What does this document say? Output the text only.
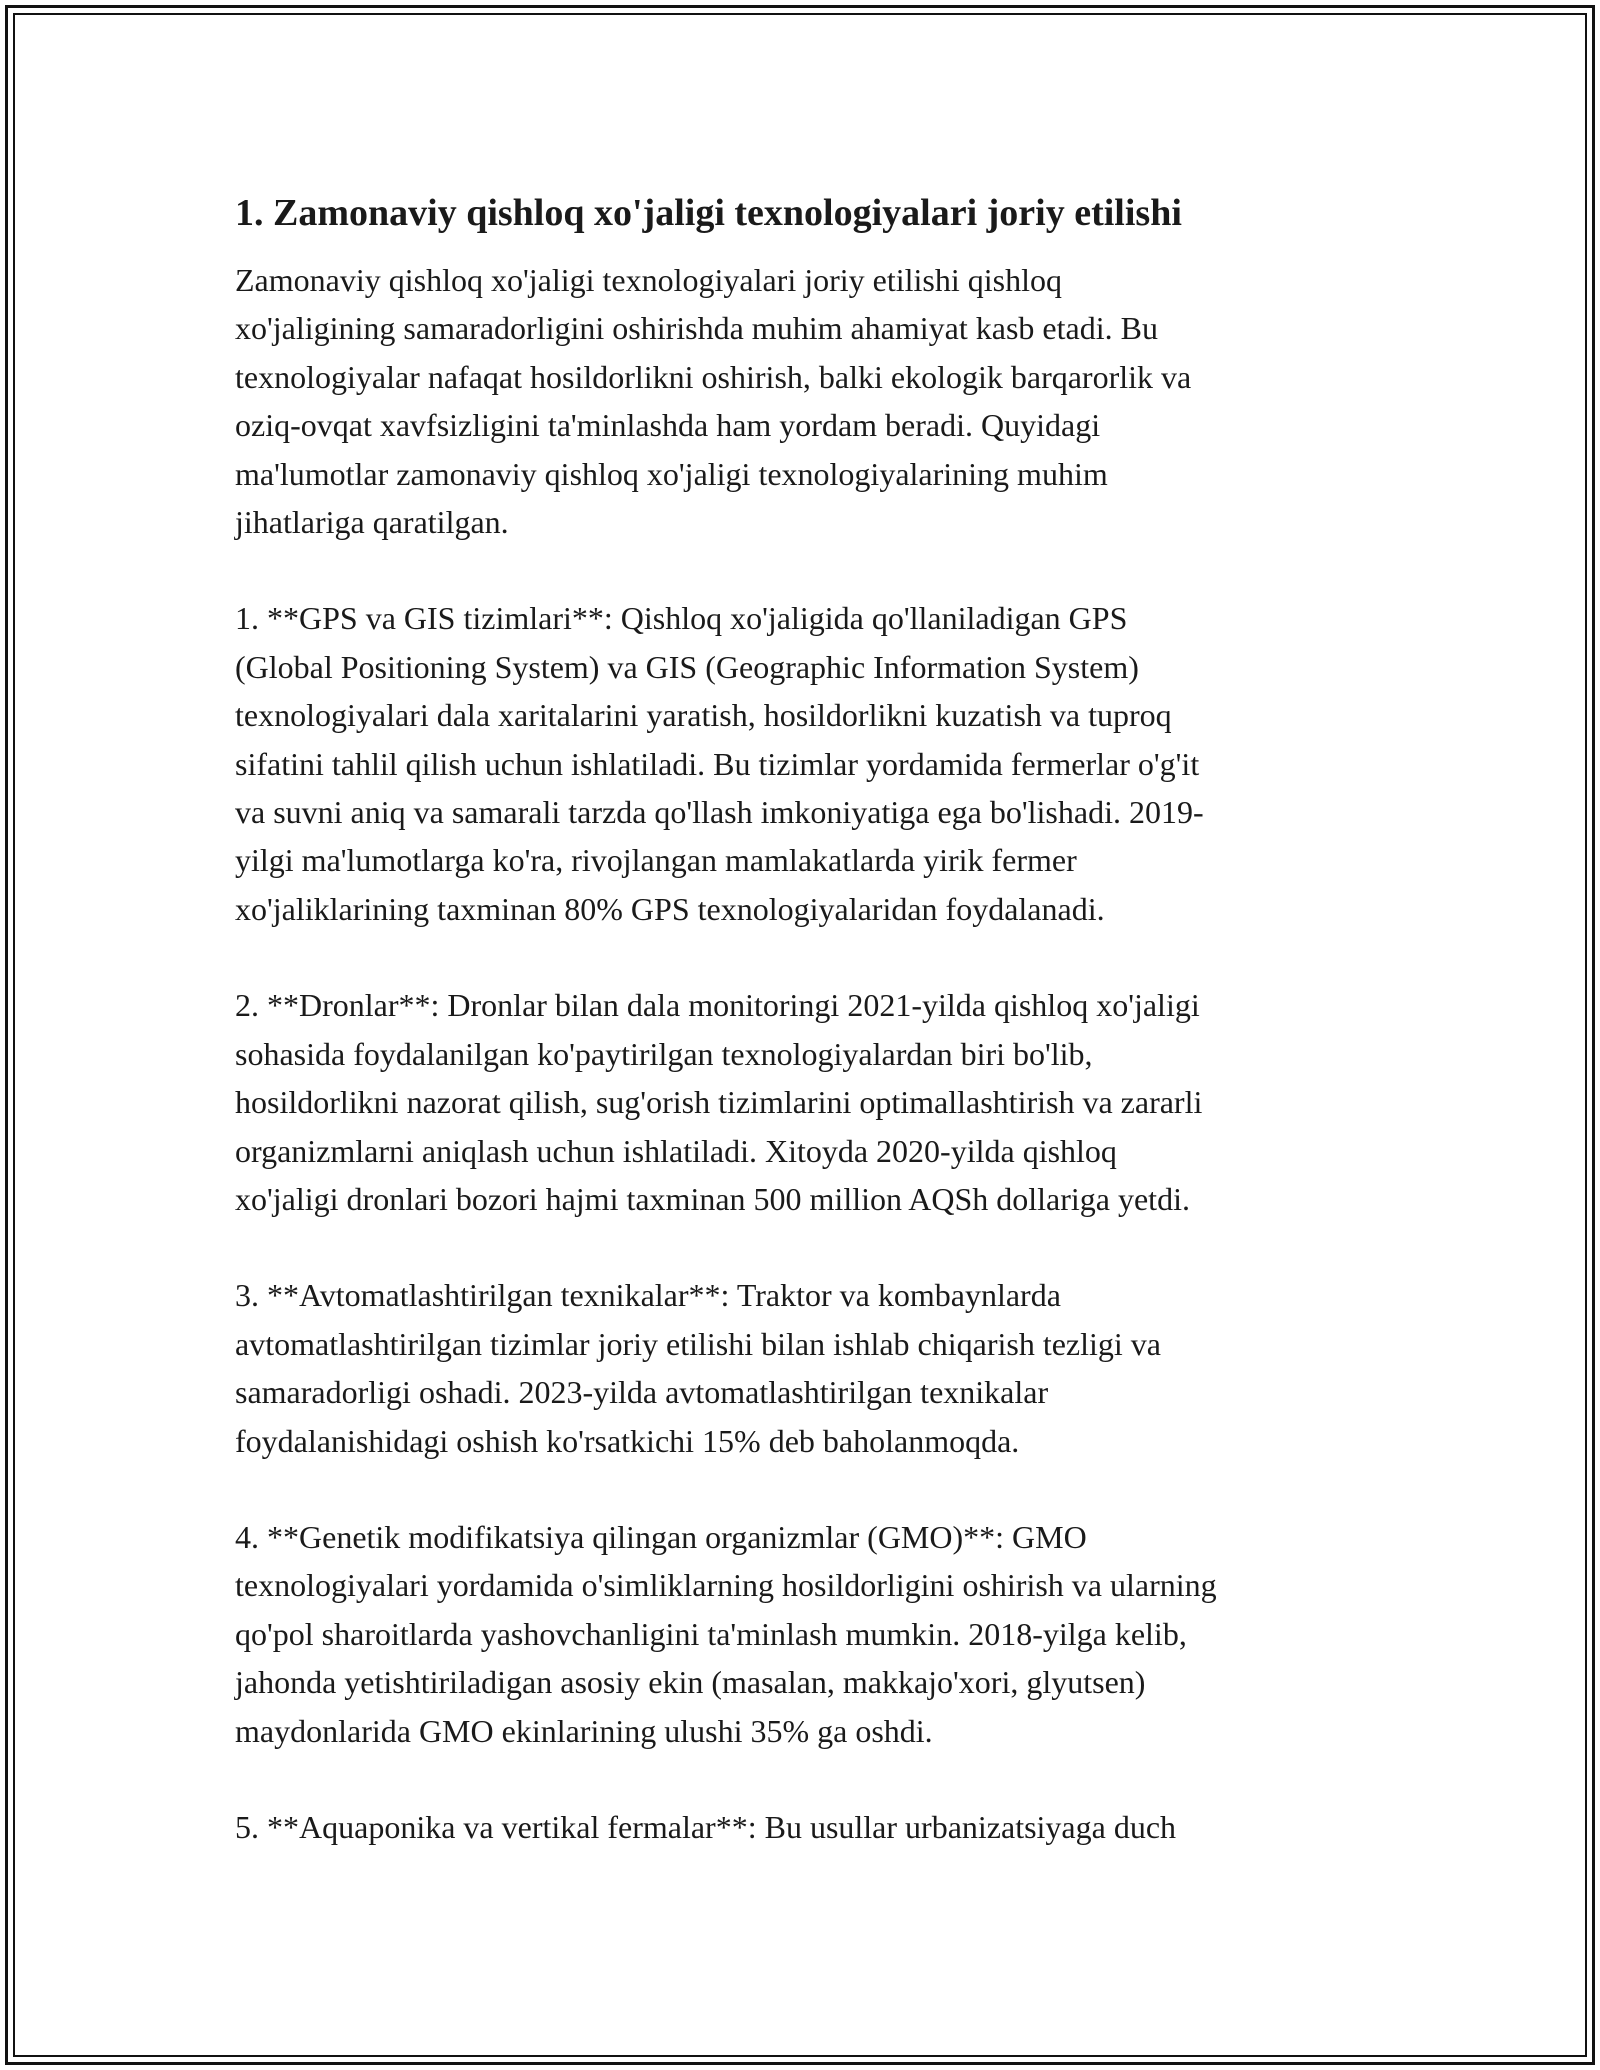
1. Zamonaviy qishloq xo'jaligi texnologiyalari joriy etilishi
Zamonaviy qishloq xo'jaligi texnologiyalari joriy etilishi qishloq
xo'jaligining samaradorligini oshirishda muhim ahamiyat kasb etadi. Bu
texnologiyalar nafaqat hosildorlikni oshirish, balki ekologik barqarorlik va
oziq-ovqat xavfsizligini ta'minlashda ham yordam beradi. Quyidagi
ma'lumotlar zamonaviy qishloq xo'jaligi texnologiyalarining muhim
jihatlariga qaratilgan.
1. **GPS va GIS tizimlari**: Qishloq xo'jaligida qo'llaniladigan GPS
(Global Positioning System) va GIS (Geographic Information System)
texnologiyalari dala xaritalarini yaratish, hosildorlikni kuzatish va tuproq
sifatini tahlil qilish uchun ishlatiladi. Bu tizimlar yordamida fermerlar o'g'it
va suvni aniq va samarali tarzda qo'llash imkoniyatiga ega bo'lishadi. 2019-
yilgi ma'lumotlarga ko'ra, rivojlangan mamlakatlarda yirik fermer
xo'jaliklarining taxminan 80% GPS texnologiyalaridan foydalanadi.
2. **Dronlar**: Dronlar bilan dala monitoringi 2021-yilda qishloq xo'jaligi
sohasida foydalanilgan ko'paytirilgan texnologiyalardan biri bo'lib,
hosildorlikni nazorat qilish, sug'orish tizimlarini optimallashtirish va zararli
organizmlarni aniqlash uchun ishlatiladi. Xitoyda 2020-yilda qishloq
xo'jaligi dronlari bozori hajmi taxminan 500 million AQSh dollariga yetdi.
3. **Avtomatlashtirilgan texnikalar**: Traktor va kombaynlarda
avtomatlashtirilgan tizimlar joriy etilishi bilan ishlab chiqarish tezligi va
samaradorligi oshadi. 2023-yilda avtomatlashtirilgan texnikalar
foydalanishidagi oshish ko'rsatkichi 15% deb baholanmoqda.
4. **Genetik modifikatsiya qilingan organizmlar (GMO)**: GMO
texnologiyalari yordamida o'simliklarning hosildorligini oshirish va ularning
qo'pol sharoitlarda yashovchanligini ta'minlash mumkin. 2018-yilga kelib,
jahonda yetishtiriladigan asosiy ekin (masalan, makkajo'xori, glyutsen)
maydonlarida GMO ekinlarining ulushi 35% ga oshdi.
5. **Aquaponika va vertikal fermalar**: Bu usullar urbanizatsiyaga duch
